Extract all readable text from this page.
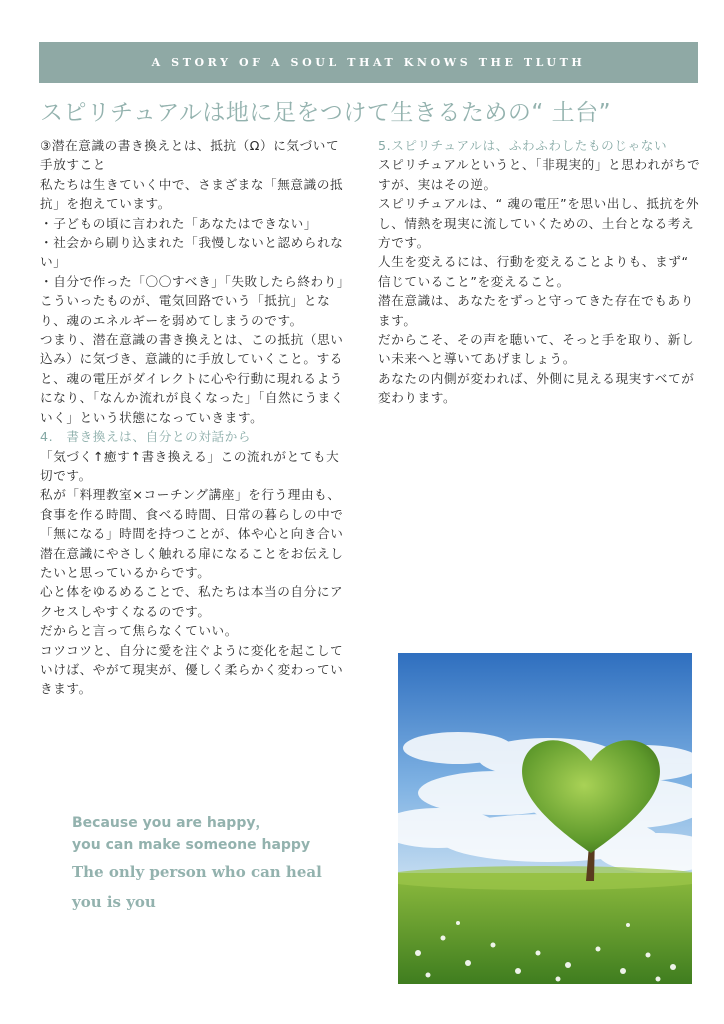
A STORY OF A SOUL THAT KNOWS THE TLUTH
スピリチュアルは地に足をつけて生きるための“ 土台”

③潜在意識の書き換えとは、抵抗（Ω）に気づいて手放すこと

私たちは生きていく中で、さまざまな「無意識の抵抗」を抱えています。

・子どもの頃に言われた「あなたはできない」

・社会から刷り込まれた「我慢しないと認められない」

・自分で作った「〇〇すべき」「失敗したら終わり」

こういったものが、電気回路でいう「抵抗」となり、魂のエネルギーを弱めてしまうのです。

つまり、潜在意識の書き換えとは、この抵抗（思い込み）に気づき、意識的に手放していくこと。すると、魂の電圧がダイレクトに心や行動に現れるようになり、「なんか流れが良くなった」「自然にうまくいく」という状態になっていきます。

4.　書き換えは、自分との対話から

「気づく↑癒す↑書き換える」この流れがとても大切です。

私が「料理教室×コーチング講座」を行う理由も、食事を作る時間、食べる時間、日常の暮らしの中で「無になる」時間を持つことが、体や心と向き合い潜在意識にやさしく触れる扉になることをお伝えしたいと思っているからです。

心と体をゆるめることで、私たちは本当の自分にアクセスしやすくなるのです。

だからと言って焦らなくていい。

コツコツと、自分に愛を注ぐように変化を起こしていけば、やがて現実が、優しく柔らかく変わっていきます。

5.スピリチュアルは、ふわふわしたものじゃない

スピリチュアルというと、「非現実的」と思われがちですが、実はその逆。

スピリチュアルは、“ 魂の電圧”を思い出し、抵抗を外し、情熱を現実に流していくための、土台となる考え方です。

人生を変えるには、行動を変えることよりも、まず“ 信じていること”を変えること。

潜在意識は、あなたをずっと守ってきた存在でもあります。

だからこそ、その声を聴いて、そっと手を取り、新しい未来へと導いてあげましょう。

あなたの内側が変われば、外側に見える現実すべてが変わります。

Because you are happy，
you can make someone happy
The only person who can heal
you is you
